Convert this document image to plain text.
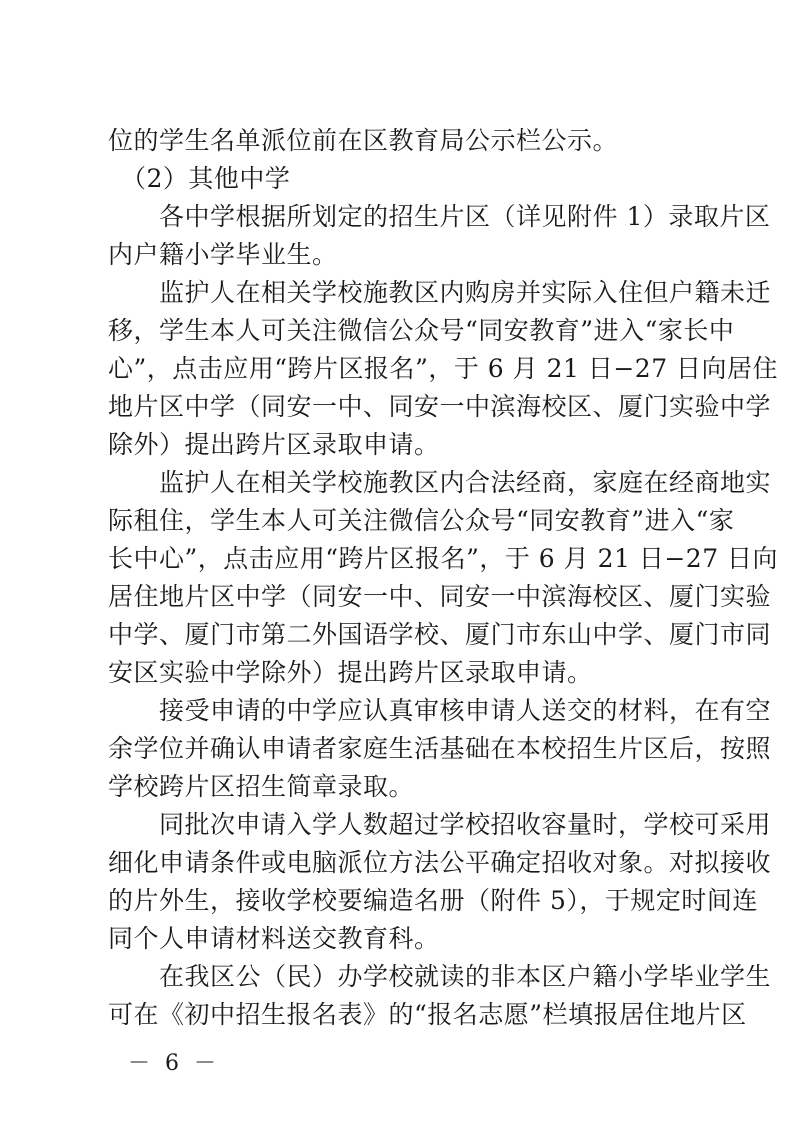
位的学生名单派位前在区教育局公示栏公示。
　（2）其他中学
　　各中学根据所划定的招生片区（详见附件 1）录取片区
内户籍小学毕业生。
　　监护人在相关学校施教区内购房并实际入住但户籍未迁
移，学生本人可关注微信公众号“同安教育”进入“家长中
心”，点击应用“跨片区报名”，于 6 月 21 日−27 日向居住
地片区中学（同安一中、同安一中滨海校区、厦门实验中学
除外）提出跨片区录取申请。
　　监护人在相关学校施教区内合法经商，家庭在经商地实
际租住，学生本人可关注微信公众号“同安教育”进入“家
长中心”，点击应用“跨片区报名”，于 6 月 21 日−27 日向
居住地片区中学（同安一中、同安一中滨海校区、厦门实验
中学、厦门市第二外国语学校、厦门市东山中学、厦门市同
安区实验中学除外）提出跨片区录取申请。
　　接受申请的中学应认真审核申请人送交的材料，在有空
余学位并确认申请者家庭生活基础在本校招生片区后，按照
学校跨片区招生简章录取。
　　同批次申请入学人数超过学校招收容量时，学校可采用
细化申请条件或电脑派位方法公平确定招收对象。对拟接收
的片外生，接收学校要编造名册（附件 5），于规定时间连
同个人申请材料送交教育科。
　　在我区公（民）办学校就读的非本区户籍小学毕业学生
可在《初中招生报名表》的“报名志愿”栏填报居住地片区
－ 6 －
